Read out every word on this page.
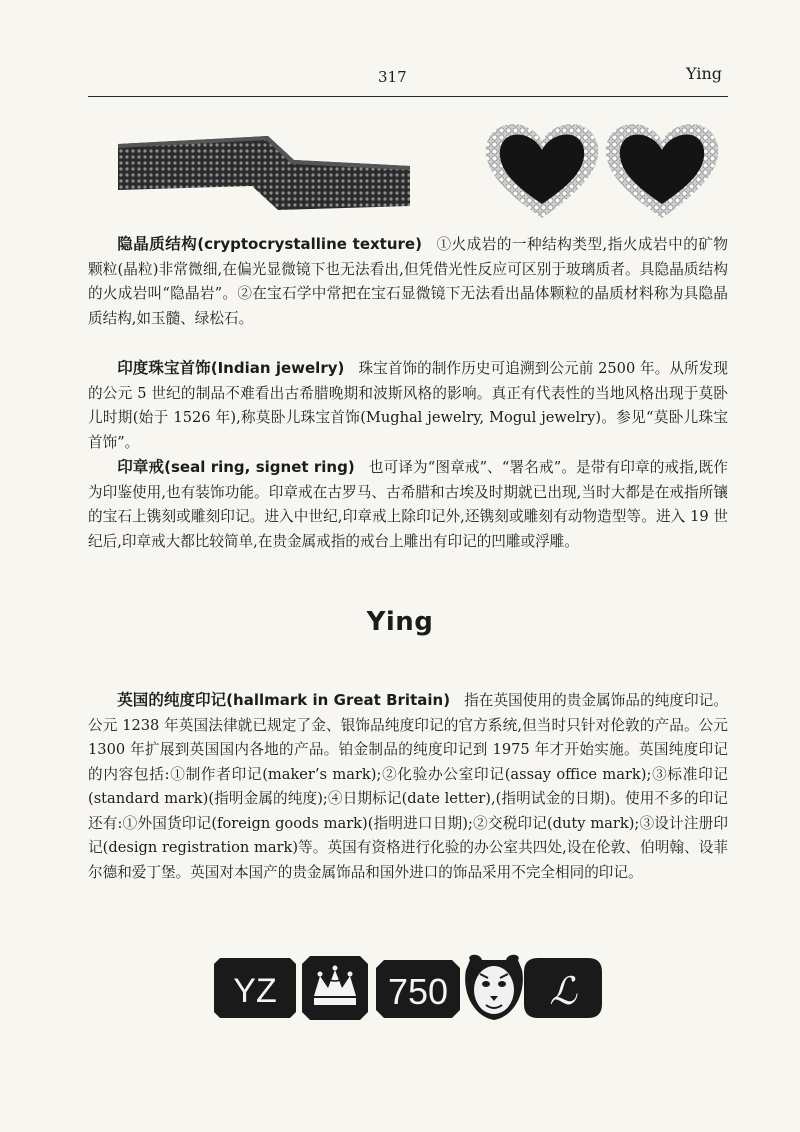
317	Ying

隐晶质结构(cryptocrystalline texture) ①火成岩的一种结构类型,指火成岩中的矿物颗粒(晶粒)非常微细,在偏光显微镜下也无法看出,但凭借光性反应可区别于玻璃质者。具隐晶质结构的火成岩叫“隐晶岩”。②在宝石学中常把在宝石显微镜下无法看出晶体颗粒的晶质材料称为具隐晶质结构,如玉髓、绿松石。

印度珠宝首饰(Indian jewelry) 珠宝首饰的制作历史可追溯到公元前 2500 年。从所发现的公元 5 世纪的制品不难看出古希腊晚期和波斯风格的影响。真正有代表性的当地风格出现于莫卧儿时期(始于 1526 年),称莫卧儿珠宝首饰(Mughal jewelry, Mogul jewelry)。参见“莫卧儿珠宝首饰”。

印章戒(seal ring, signet ring) 也可译为“图章戒”、“署名戒”。是带有印章的戒指,既作为印鉴使用,也有装饰功能。印章戒在古罗马、古希腊和古埃及时期就已出现,当时大都是在戒指所镶的宝石上镌刻或雕刻印记。进入中世纪,印章戒上除印记外,还镌刻或雕刻有动物造型等。进入 19 世纪后,印章戒大都比较简单,在贵金属戒指的戒台上雕出有印记的凹雕或浮雕。

Ying

英国的纯度印记(hallmark in Great Britain) 指在英国使用的贵金属饰品的纯度印记。公元 1238 年英国法律就已规定了金、银饰品纯度印记的官方系统,但当时只针对伦敦的产品。公元 1300 年扩展到英国国内各地的产品。铂金制品的纯度印记到 1975 年才开始实施。英国纯度印记的内容包括:①制作者印记(maker’s mark);②化验办公室印记(assay office mark);③标准印记(standard mark)(指明金属的纯度);④日期标记(date letter),(指明试金的日期)。使用不多的印记还有:①外国货印记(foreign goods mark)(指明进口日期);②交税印记(duty mark);③设计注册印记(design registration mark)等。英国有资格进行化验的办公室共四处,设在伦敦、伯明翰、设菲尔德和爱丁堡。英国对本国产的贵金属饰品和国外进口的饰品采用不完全相同的印记。

YZ	750	ℒ
